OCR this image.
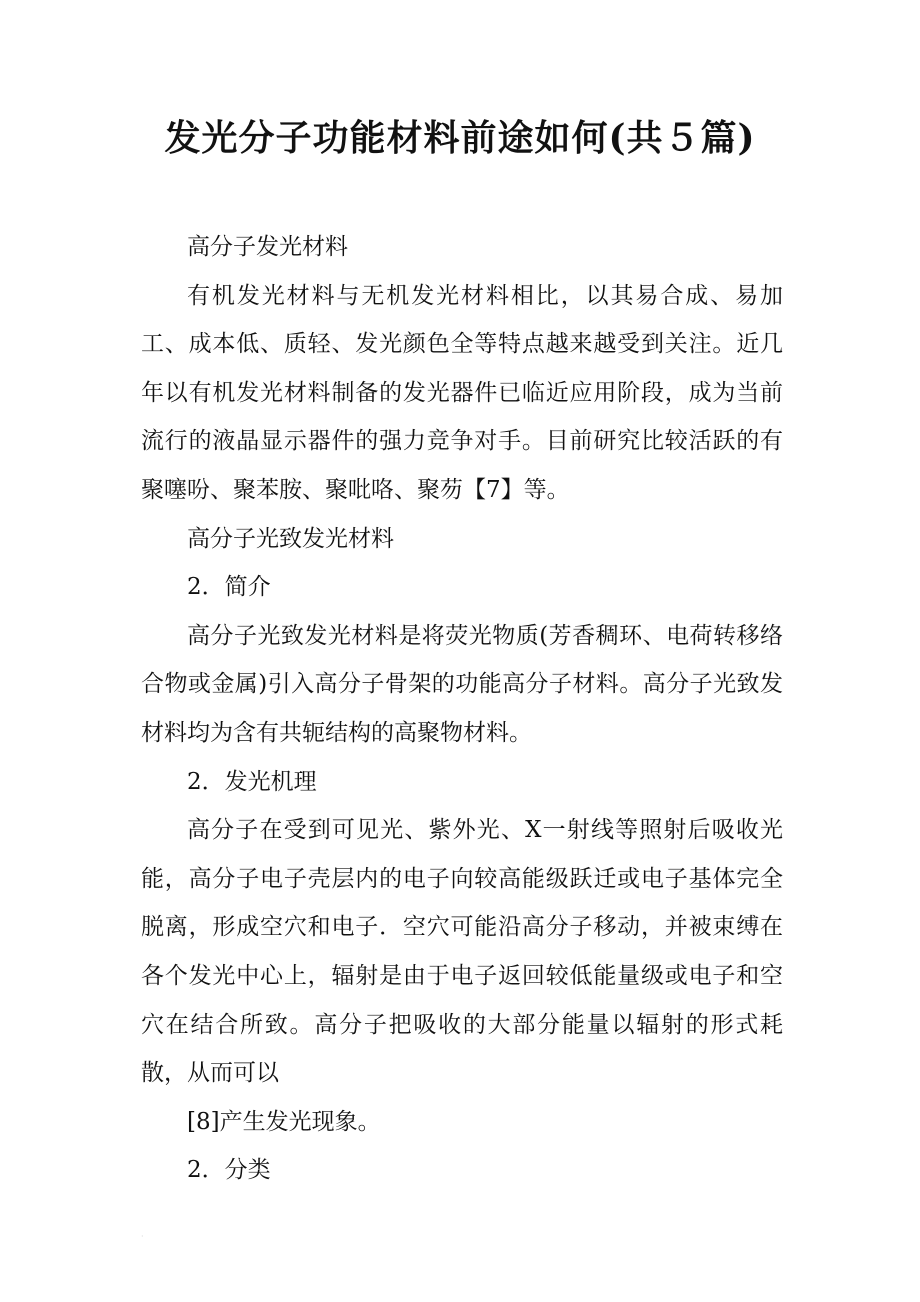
发光分子功能材料前途如何(共５篇)

高分子发光材料

有机发光材料与无机发光材料相比，以其易合成、易加工、成本低、质轻、发光颜色全等特点越来越受到关注。近几年以有机发光材料制备的发光器件已临近应用阶段，成为当前流行的液晶显示器件的强力竞争对手。目前研究比较活跃的有聚噻吩、聚苯胺、聚吡咯、聚芴【7】等。

高分子光致发光材料

2．简介

高分子光致发光材料是将荧光物质(芳香稠环、电荷转移络合物或金属)引入高分子骨架的功能高分子材料。高分子光致发材料均为含有共轭结构的高聚物材料。

2．发光机理

高分子在受到可见光、紫外光、X一射线等照射后吸收光能，高分子电子壳层内的电子向较高能级跃迁或电子基体完全脱离，形成空穴和电子．空穴可能沿高分子移动，并被束缚在各个发光中心上，辐射是由于电子返回较低能量级或电子和空穴在结合所致。高分子把吸收的大部分能量以辐射的形式耗散，从而可以

[8]产生发光现象。

2．分类

·
